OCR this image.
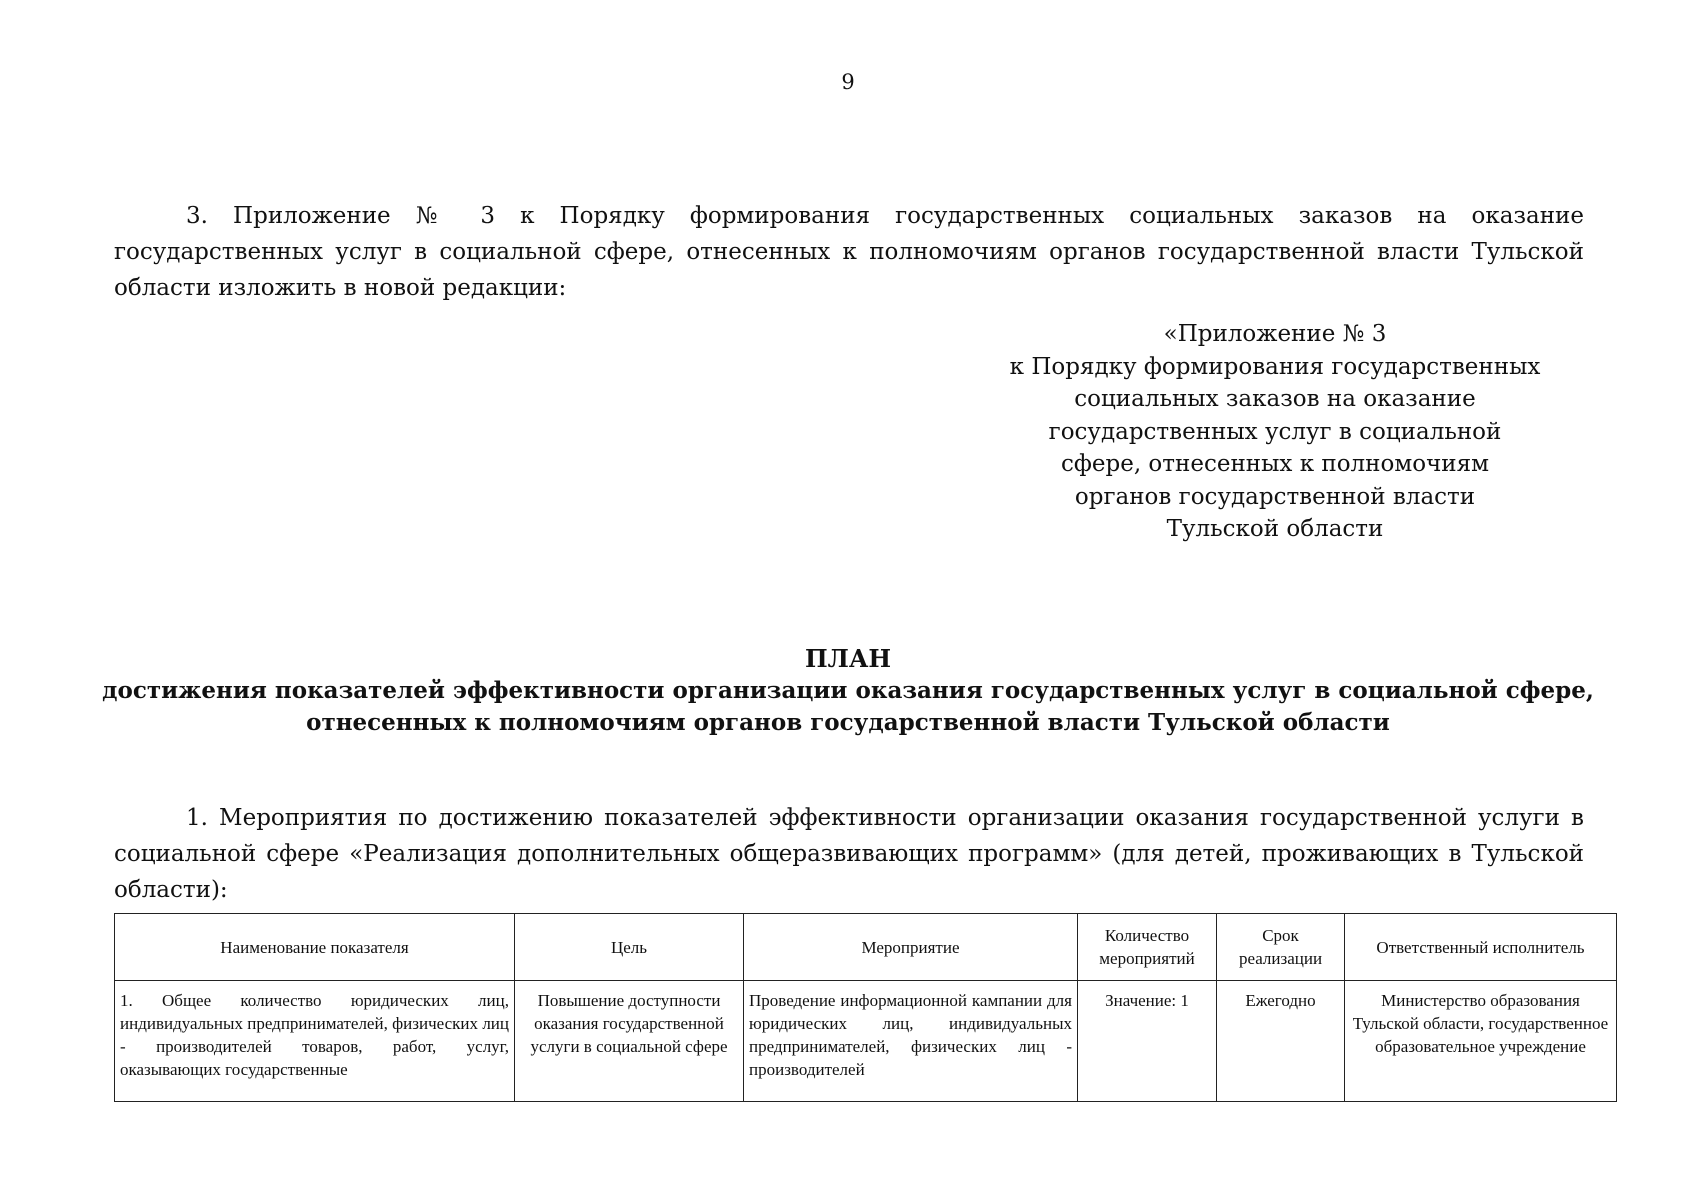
9

3. Приложение № 3 к Порядку формирования государственных социальных заказов на оказание государственных услуг в социальной сфере, отнесенных к полномочиям органов государственной власти Тульской области изложить в новой редакции:

«Приложение № 3
к Порядку формирования государственных
социальных заказов на оказание
государственных услуг в социальной
сфере, отнесенных к полномочиям
органов государственной власти
Тульской области
ПЛАН
достижения показателей эффективности организации оказания государственных услуг в социальной сфере,
отнесенных к полномочиям органов государственной власти Тульской области

1. Мероприятия по достижению показателей эффективности организации оказания государственной услуги в социальной сфере «Реализация дополнительных общеразвивающих программ» (для детей, проживающих в Тульской области):

Наименование показателя	Цель	Мероприятие	Количество мероприятий	Срок реализации	Ответственный исполнитель

1. Общее количество юридических лиц, индивидуальных предпринимателей, физических лиц - производителей товаров, работ, услуг, оказывающих государственные	Повышение доступности оказания государственной услуги в социальной сфере	Проведение информационной кампании для юридических лиц, индивидуальных предпринимателей, физических лиц - производителей	Значение: 1	Ежегодно	Министерство образования Тульской области, государственное образовательное учреждение
